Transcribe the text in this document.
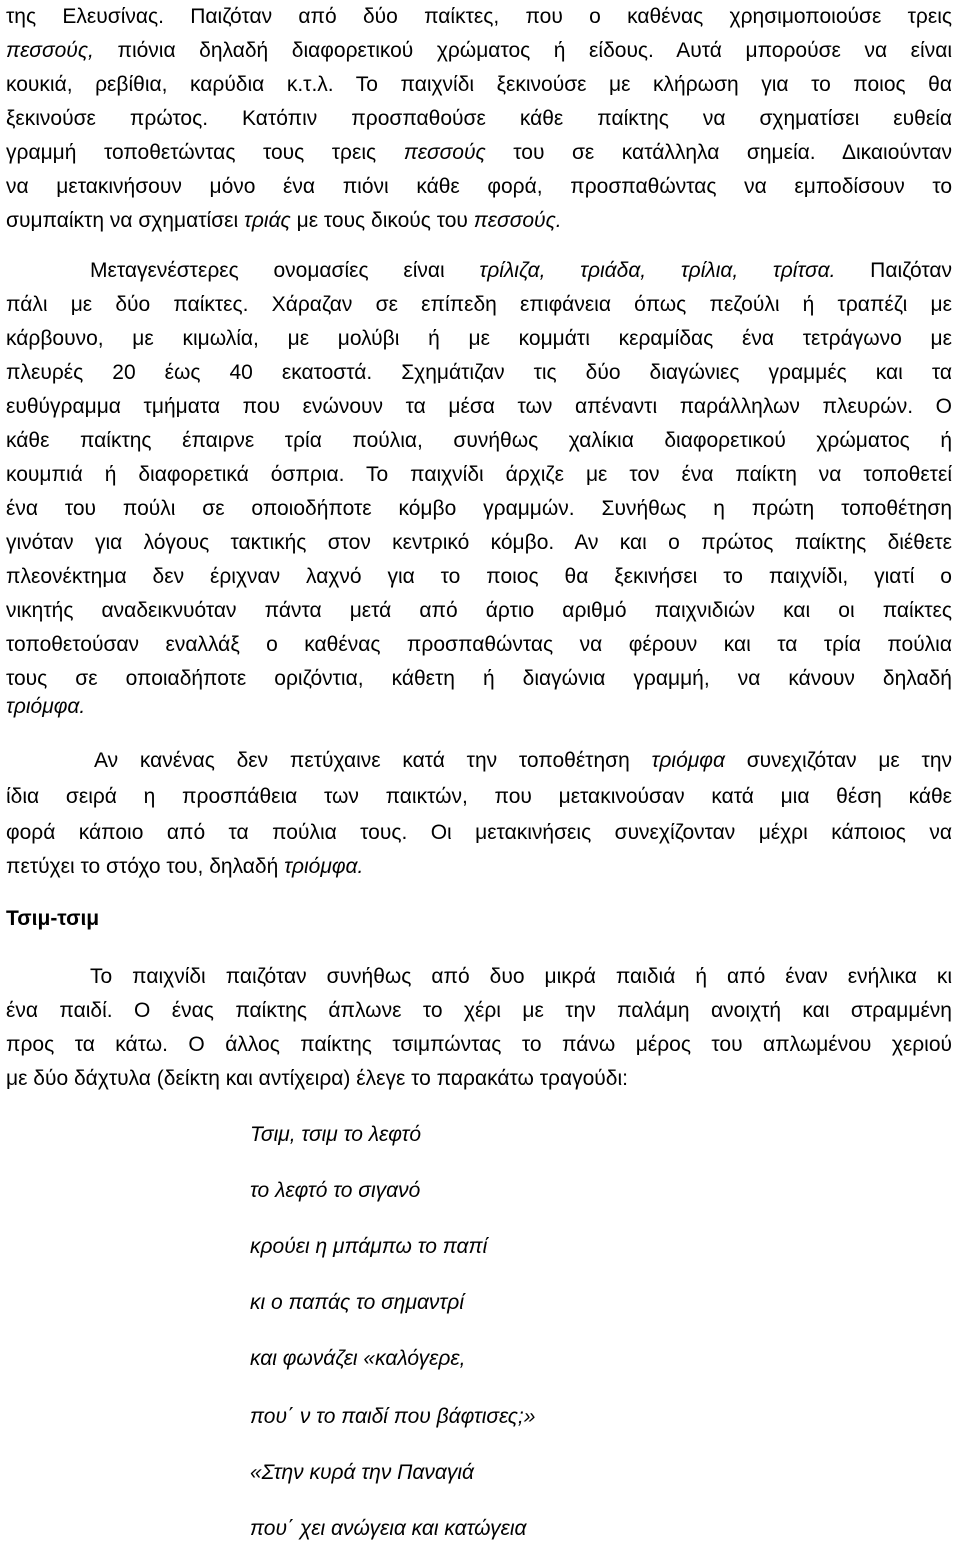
της Ελευσίνας. Παιζόταν από δύο παίκτες, που ο καθένας χρησιμοποιούσε τρεις

πεσσούς, πιόνια δηλαδή διαφορετικού χρώματος ή είδους. Αυτά μπορούσε να είναι

κουκιά, ρεβίθια, καρύδια κ.τ.λ. Το παιχνίδι ξεκινούσε με κλήρωση για το ποιος θα

ξεκινούσε πρώτος. Κατόπιν προσπαθούσε κάθε παίκτης να σχηματίσει ευθεία

γραμμή τοποθετώντας τους τρεις πεσσούς του σε κατάλληλα σημεία. Δικαιούνταν

να μετακινήσουν μόνο ένα πιόνι κάθε φορά, προσπαθώντας να εμποδίσουν το

συμπαίκτη να σχηματίσει τριάς με τους δικούς του πεσσούς.

Μεταγενέστερες ονομασίες είναι τρίλιζα, τριάδα, τρίλια, τρίτσα. Παιζόταν

πάλι με δύο παίκτες. Χάραζαν σε επίπεδη επιφάνεια όπως πεζούλι ή τραπέζι με

κάρβουνο, με κιμωλία, με μολύβι ή με κομμάτι κεραμίδας ένα τετράγωνο με

πλευρές 20 έως 40 εκατοστά. Σχημάτιζαν τις δύο διαγώνιες γραμμές και τα

ευθύγραμμα τμήματα που ενώνουν τα μέσα των απέναντι παράλληλων πλευρών. Ο

κάθε παίκτης έπαιρνε τρία πούλια, συνήθως χαλίκια διαφορετικού χρώματος ή

κουμπιά ή διαφορετικά όσπρια. Το παιχνίδι άρχιζε με τον ένα παίκτη να τοποθετεί

ένα του πούλι σε οποιοδήποτε κόμβο γραμμών. Συνήθως η πρώτη τοποθέτηση

γινόταν για λόγους τακτικής στον κεντρικό κόμβο. Αν και ο πρώτος παίκτης διέθετε

πλεονέκτημα δεν έριχναν λαχνό για το ποιος θα ξεκινήσει το παιχνίδι, γιατί ο

νικητής αναδεικνυόταν πάντα μετά από άρτιο αριθμό παιχνιδιών και οι παίκτες

τοποθετούσαν εναλλάξ ο καθένας προσπαθώντας να φέρουν και τα τρία πούλια

τους σε οποιαδήποτε οριζόντια, κάθετη ή διαγώνια γραμμή, να κάνουν δηλαδή

τριόμφα.

Αν κανένας δεν πετύχαινε κατά την τοποθέτηση τριόμφα συνεχιζόταν με την

ίδια σειρά η προσπάθεια των παικτών, που μετακινούσαν κατά μια θέση κάθε

φορά κάποιο από τα πούλια τους. Οι μετακινήσεις συνεχίζονταν μέχρι κάποιος να

πετύχει το στόχο του, δηλαδή τριόμφα.

Τσιμ-τσιμ

Το παιχνίδι παιζόταν συνήθως από δυο μικρά παιδιά ή από έναν ενήλικα κι

ένα παιδί. Ο ένας παίκτης άπλωνε το χέρι με την παλάμη ανοιχτή και στραμμένη

προς τα κάτω. Ο άλλος παίκτης τσιμπώντας το πάνω μέρος του απλωμένου χεριού

με δύο δάχτυλα (δείκτη και αντίχειρα) έλεγε το παρακάτω τραγούδι:

Τσιμ, τσιμ το λεφτό

το λεφτό το σιγανό

κρούει η μπάμπω το παπί

κι ο παπάς το σημαντρί

και φωνάζει «καλόγερε,

που΄ ν το παιδί που βάφτισες;»

«Στην κυρά την Παναγιά

που΄ χει ανώγεια και κατώγεια
